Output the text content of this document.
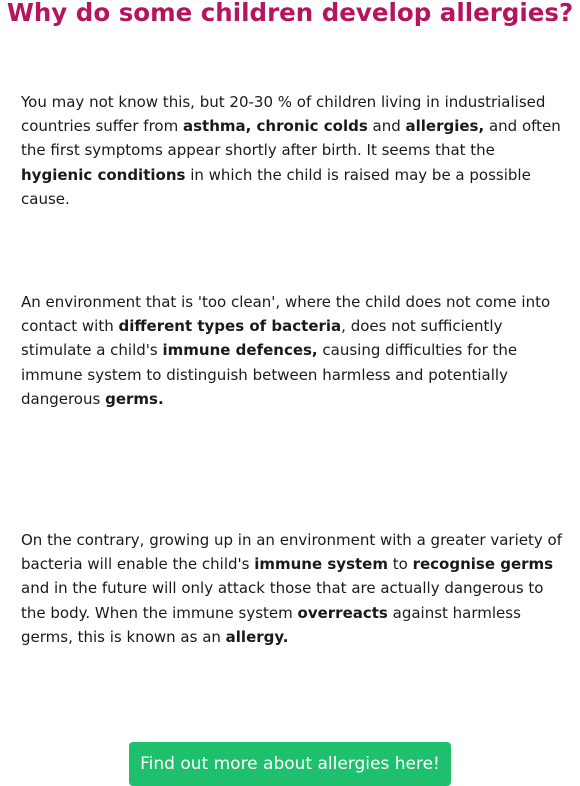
Why do some children develop allergies?

You may not know this, but 20-30 % of children living in industrialised countries suffer from asthma, chronic colds and allergies, and often the first symptoms appear shortly after birth. It seems that the hygienic conditions in which the child is raised may be a possible cause.

An environment that is 'too clean', where the child does not come into contact with different types of bacteria, does not sufficiently stimulate a child's immune defences, causing difficulties for the immune system to distinguish between harmless and potentially dangerous germs.

On the contrary, growing up in an environment with a greater variety of bacteria will enable the child's immune system to recognise germs and in the future will only attack those that are actually dangerous to the body. When the immune system overreacts against harmless germs, this is known as an allergy.

Find out more about allergies here!
